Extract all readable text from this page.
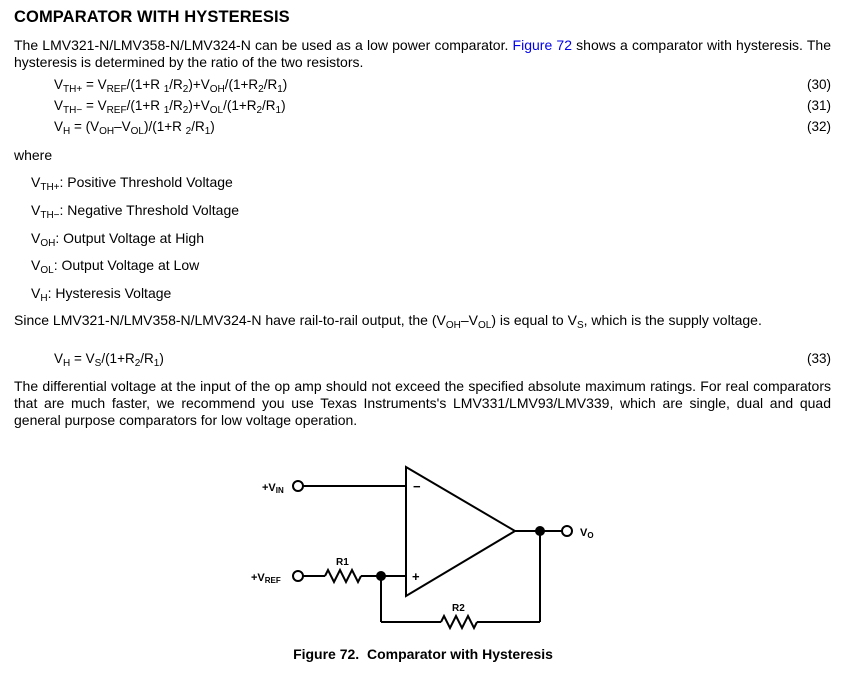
COMPARATOR WITH HYSTERESIS
The LMV321-N/LMV358-N/LMV324-N can be used as a low power comparator. Figure 72 shows a comparator with hysteresis. The hysteresis is determined by the ratio of the two resistors.
$V_{TH+} = V_{REF}/(1+R$ $_1/R_2)+V_{OH}/(1+R_2/R_1)$	(30)
$V_{TH-} = V_{REF}/(1+R$ $_1/R_2)+V_{OL}/(1+R_2/R_1)$	(31)
$V_H = (V_{OH}-V_{OL})/(1+R$ $_2/R_1$)	(32)
where
$V_{TH+}$: Positive Threshold Voltage
$V_{TH-}$: Negative Threshold Voltage
$V_{OH}$: Output Voltage at High
$V_{OL}$: Output Voltage at Low
$V_H$: Hysteresis Voltage
Since LMV321-N/LMV358-N/LMV324-N have rail-to-rail output, the $(V_{OH}-V_{OL})$ is equal to $V_S$, which is the supply voltage.
$V_H = V_S/(1+R_2/R_1)$	(33)
The differential voltage at the input of the op amp should not exceed the specified absolute maximum ratings. For real comparators that are much faster, we recommend you use Texas Instruments's LMV331/LMV93/LMV339, which are single, dual and quad general purpose comparators for low voltage operation.
+VIN
+VREF
VO
R1
R2
−
+
Figure 72.  Comparator with Hysteresis
